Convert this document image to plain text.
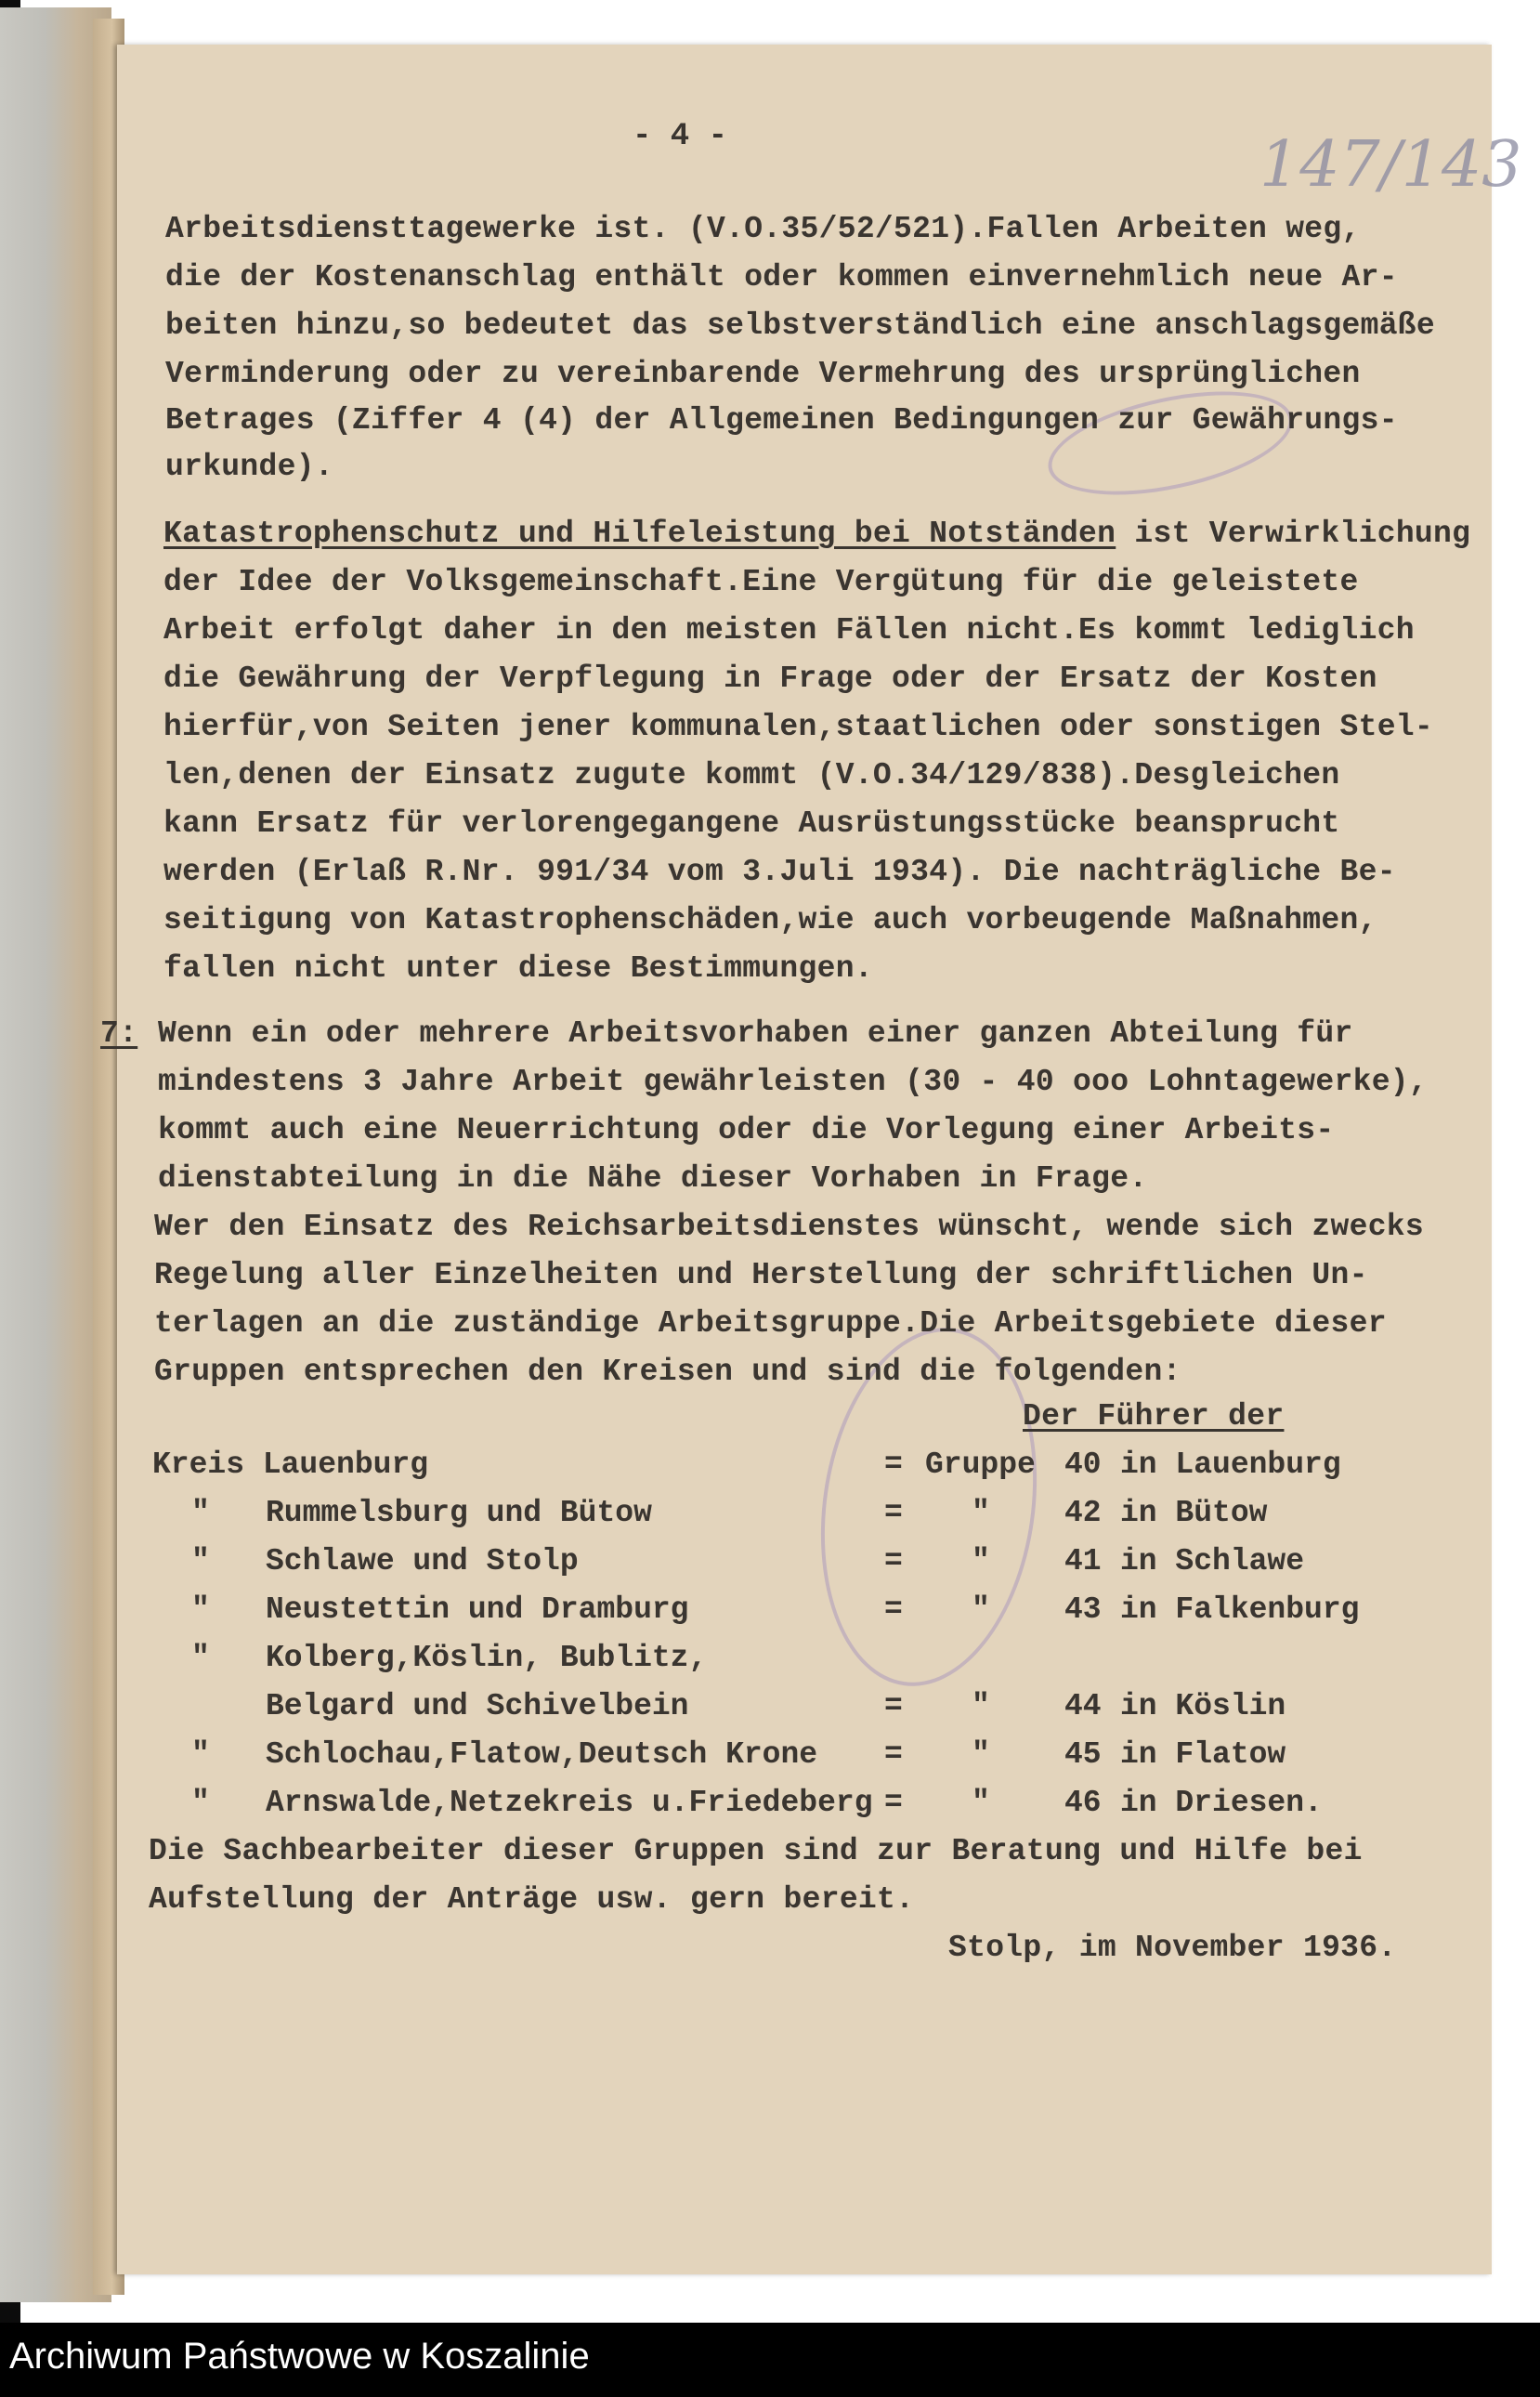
- 4 -	147/143
Arbeitsdiensttagewerke ist. (V.O.35/52/521).Fallen Arbeiten weg,
die der Kostenanschlag enthält oder kommen einvernehmlich neue Ar-
beiten hinzu,so bedeutet das selbstverständlich eine anschlagsgemäße
Verminderung oder zu vereinbarende Vermehrung des ursprünglichen
Betrages (Ziffer 4 (4) der Allgemeinen Bedingungen zur Gewährungs-
urkunde).
Katastrophenschutz und Hilfeleistung bei Notständen ist Verwirklichung
der Idee der Volksgemeinschaft.Eine Vergütung für die geleistete
Arbeit erfolgt daher in den meisten Fällen nicht.Es kommt lediglich
die Gewährung der Verpflegung in Frage oder der Ersatz der Kosten
hierfür,von Seiten jener kommunalen,staatlichen oder sonstigen Stel-
len,denen der Einsatz zugute kommt (V.O.34/129/838).Desgleichen
kann Ersatz für verlorengegangene Ausrüstungsstücke beansprucht
werden (Erlaß R.Nr. 991/34 vom 3.Juli 1934). Die nachträgliche Be-
seitigung von Katastrophenschäden,wie auch vorbeugende Maßnahmen,
fallen nicht unter diese Bestimmungen.
7: Wenn ein oder mehrere Arbeitsvorhaben einer ganzen Abteilung für
mindestens 3 Jahre Arbeit gewährleisten (30 - 40 ooo Lohntagewerke),
kommt auch eine Neuerrichtung oder die Vorlegung einer Arbeits-
dienstabteilung in die Nähe dieser Vorhaben in Frage.
Wer den Einsatz des Reichsarbeitsdienstes wünscht, wende sich zwecks
Regelung aller Einzelheiten und Herstellung der schriftlichen Un-
terlagen an die zuständige Arbeitsgruppe.Die Arbeitsgebiete dieser
Gruppen entsprechen den Kreisen und sind die folgenden:
Der Führer der
Kreis Lauenburg	= Gruppe 40 in Lauenburg
" Rummelsburg und Bütow	= " 42 in Bütow
" Schlawe und Stolp	= " 41 in Schlawe
" Neustettin und Dramburg	= " 43 in Falkenburg
" Kolberg,Köslin, Bublitz,
Belgard und Schivelbein	= " 44 in Köslin
" Schlochau,Flatow,Deutsch Krone = " 45 in Flatow
" Arnswalde,Netzekreis u.Friedeberg = " 46 in Driesen.
Die Sachbearbeiter dieser Gruppen sind zur Beratung und Hilfe bei
Aufstellung der Anträge usw. gern bereit.
Stolp, im November 1936.
Archiwum Państwowe w Koszalinie
